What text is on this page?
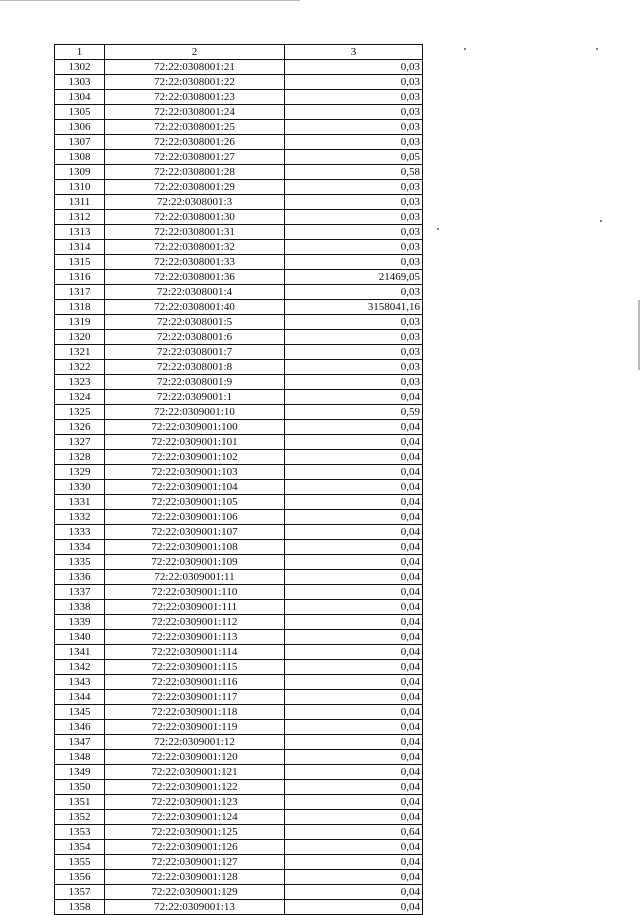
1	2	3
1302	72:22:0308001:21	0,03
1303	72:22:0308001:22	0,03
1304	72:22:0308001:23	0,03
1305	72:22:0308001:24	0,03
1306	72:22:0308001:25	0,03
1307	72:22:0308001:26	0,03
1308	72:22:0308001:27	0,05
1309	72:22:0308001:28	0,58
1310	72:22:0308001:29	0,03
1311	72:22:0308001:3	0,03
1312	72:22:0308001:30	0,03
1313	72:22:0308001:31	0,03
1314	72:22:0308001:32	0,03
1315	72:22:0308001:33	0,03
1316	72:22:0308001:36	21469,05
1317	72:22:0308001:4	0,03
1318	72:22:0308001:40	3158041,16
1319	72:22:0308001:5	0,03
1320	72:22:0308001:6	0,03
1321	72:22:0308001:7	0,03
1322	72:22:0308001:8	0,03
1323	72:22:0308001:9	0,03
1324	72:22:0309001:1	0,04
1325	72:22:0309001:10	0,59
1326	72:22:0309001:100	0,04
1327	72:22:0309001:101	0,04
1328	72:22:0309001:102	0,04
1329	72:22:0309001:103	0,04
1330	72:22:0309001:104	0,04
1331	72:22:0309001:105	0,04
1332	72:22:0309001:106	0,04
1333	72:22:0309001:107	0,04
1334	72:22:0309001:108	0,04
1335	72:22:0309001:109	0,04
1336	72:22:0309001:11	0,04
1337	72:22:0309001:110	0,04
1338	72:22:0309001:111	0,04
1339	72:22:0309001:112	0,04
1340	72:22:0309001:113	0,04
1341	72:22:0309001:114	0,04
1342	72:22:0309001:115	0,04
1343	72:22:0309001:116	0,04
1344	72:22:0309001:117	0,04
1345	72:22:0309001:118	0,04
1346	72:22:0309001:119	0,04
1347	72:22:0309001:12	0,04
1348	72:22:0309001:120	0,04
1349	72:22:0309001:121	0,04
1350	72:22:0309001:122	0,04
1351	72:22:0309001:123	0,04
1352	72:22:0309001:124	0,04
1353	72:22:0309001:125	0,64
1354	72:22:0309001:126	0,04
1355	72:22:0309001:127	0,04
1356	72:22:0309001:128	0,04
1357	72:22:0309001:129	0,04
1358	72:22:0309001:13	0,04
